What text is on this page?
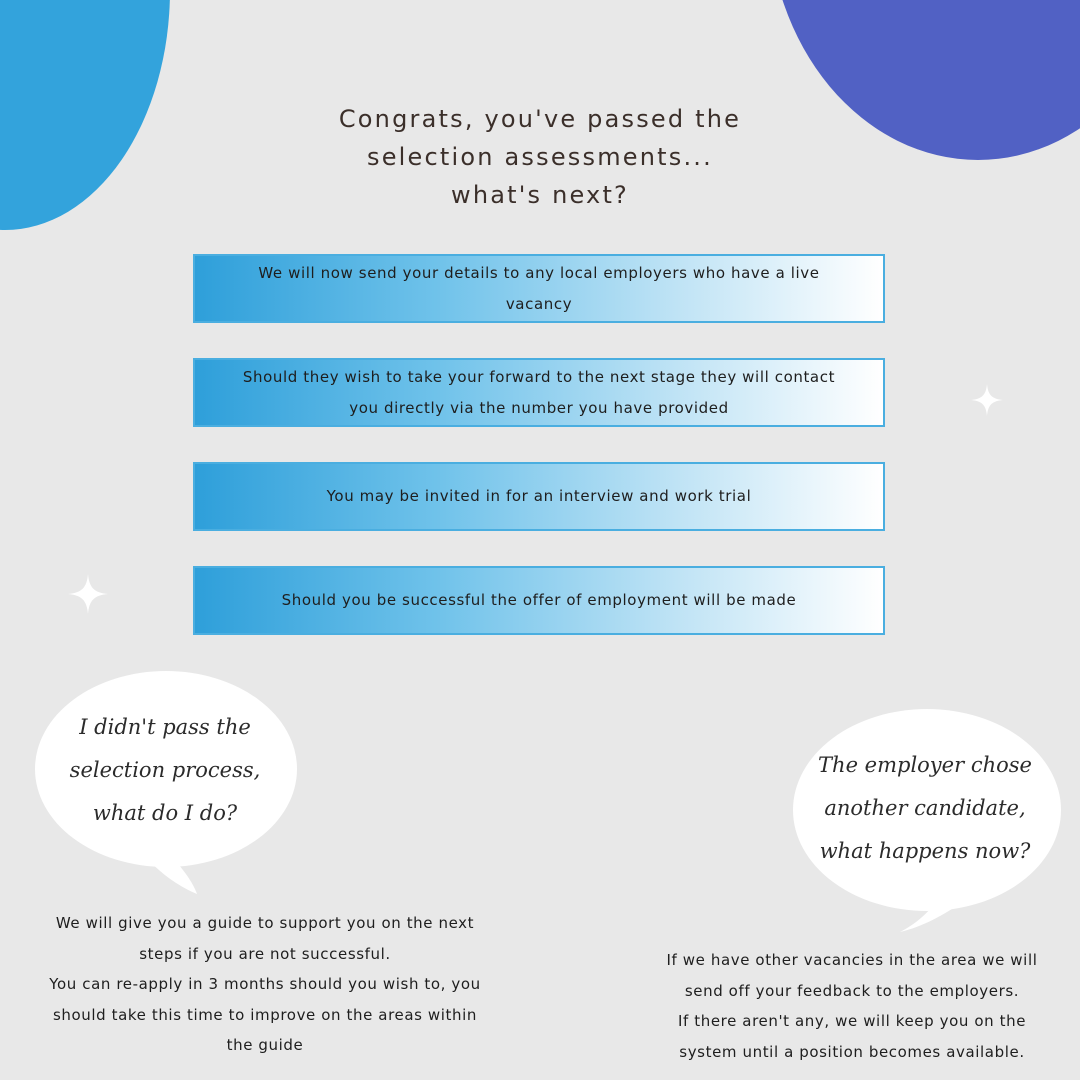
Congrats, you've passed the
selection assessments...
what's next?
We will now send your details to any local employers who have a live vacancy
Should they wish to take your forward to the next stage they will contact you directly via the number you have provided
You may be invited in for an interview and work trial
Should you be successful the offer of employment will be made
I didn't pass the
selection process,
what do I do?
We will give you a guide to support you on the next
steps if you are not successful.
You can re-apply in 3 months should you wish to, you
should take this time to improve on the areas within
the guide
The employer chose
another candidate,
what happens now?
If we have other vacancies in the area we will
send off your feedback to the employers.
If there aren't any, we will keep you on the
system until a position becomes available.
